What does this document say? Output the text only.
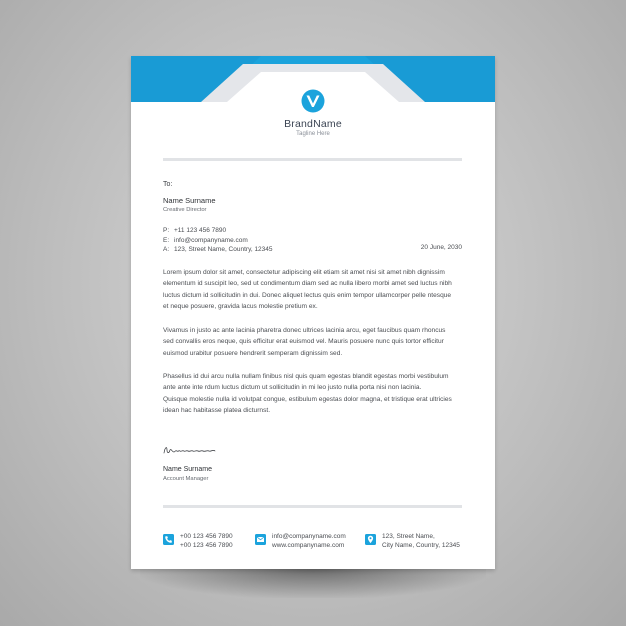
BrandName
Tagline Here
To:
Name Surname
Creative Director
P: +11 123 456 7890
E: info@companyname.com
A: 123, Street Name, Country, 12345	20 June, 2030
Lorem ipsum dolor sit amet, consectetur adipiscing elit etiam sit amet nisi sit amet nibh dignissim
elementum id suscipit leo, sed ut condimentum diam sed ac nulla libero morbi amet sed luctus nibh
luctus dictum id sollicitudin in dui. Donec aliquet lectus quis enim tempor ullamcorper pelle ntesque
et neque posuere, gravida lacus molestie pretium ex.
Vivamus in justo ac ante lacinia pharetra donec ultrices lacinia arcu, eget faucibus quam rhoncus
sed convallis eros neque, quis efficitur erat euismod vel. Mauris posuere nunc quis tortor efficitur
euismod urabitur posuere hendrerit semperam dignissim sed.
Phasellus id dui arcu nulla nullam finibus nisl quis quam egestas blandit egestas morbi vestibulum
ante ante inte rdum luctus dictum ut sollicitudin in mi leo justo nulla porta nisi non lacinia.
Quisque molestie nulla id volutpat congue, estibulum egestas dolor magna, et tristique erat ultricies
idean hac habitasse platea dicturnst.
Name Surname
Account Manager
+00 123 456 7890
+00 123 456 7890
info@companyname.com
www.companyname.com
123, Street Name,
City Name, Country, 12345
